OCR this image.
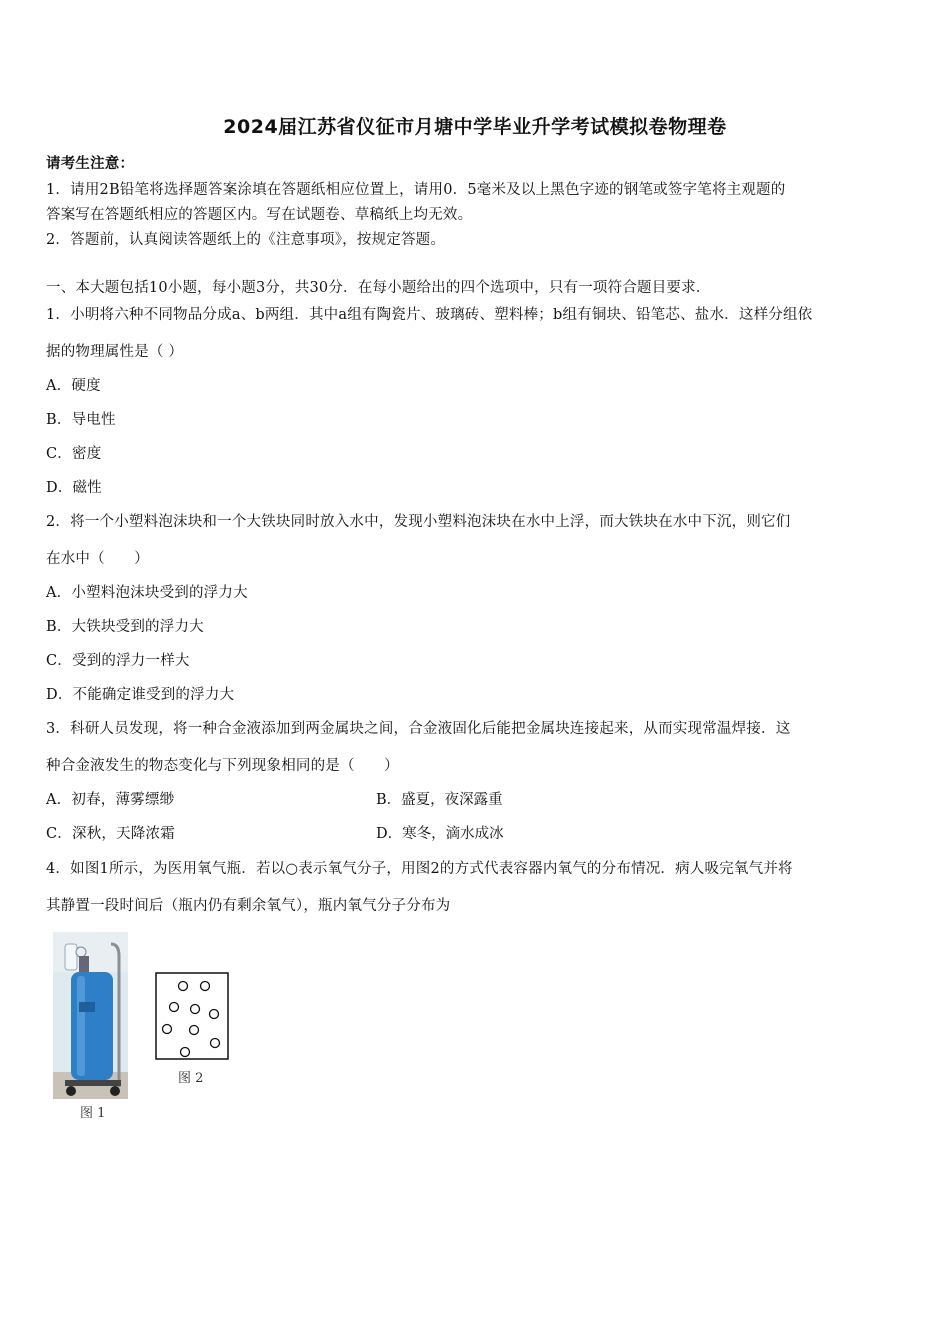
2024届江苏省仪征市月塘中学毕业升学考试模拟卷物理卷
请考生注意：
1．请用2B铅笔将选择题答案涂填在答题纸相应位置上，请用0．5毫米及以上黑色字迹的钢笔或签字笔将主观题的
答案写在答题纸相应的答题区内。写在试题卷、草稿纸上均无效。
2．答题前，认真阅读答题纸上的《注意事项》，按规定答题。
一、本大题包括10小题，每小题3分，共30分．在每小题给出的四个选项中，只有一项符合题目要求．
1．小明将六种不同物品分成a、b两组．其中a组有陶瓷片、玻璃砖、塑料棒；b组有铜块、铅笔芯、盐水．这样分组依
据的物理属性是（ ）
A．硬度
B．导电性
C．密度
D．磁性
2．将一个小塑料泡沫块和一个大铁块同时放入水中，发现小塑料泡沫块在水中上浮，而大铁块在水中下沉，则它们
在水中（　　）
A．小塑料泡沫块受到的浮力大
B．大铁块受到的浮力大
C．受到的浮力一样大
D．不能确定谁受到的浮力大
3．科研人员发现，将一种合金液添加到两金属块之间，合金液固化后能把金属块连接起来，从而实现常温焊接．这
种合金液发生的物态变化与下列现象相同的是（　　）
A．初春，薄雾缥缈	B．盛夏，夜深露重
C．深秋，天降浓霜	D．寒冬，滴水成冰
4．如图1所示，为医用氧气瓶．若以○表示氧气分子，用图2的方式代表容器内氧气的分布情况．病人吸完氧气并将
其静置一段时间后（瓶内仍有剩余氧气），瓶内氧气分子分布为
图 1
图 2
